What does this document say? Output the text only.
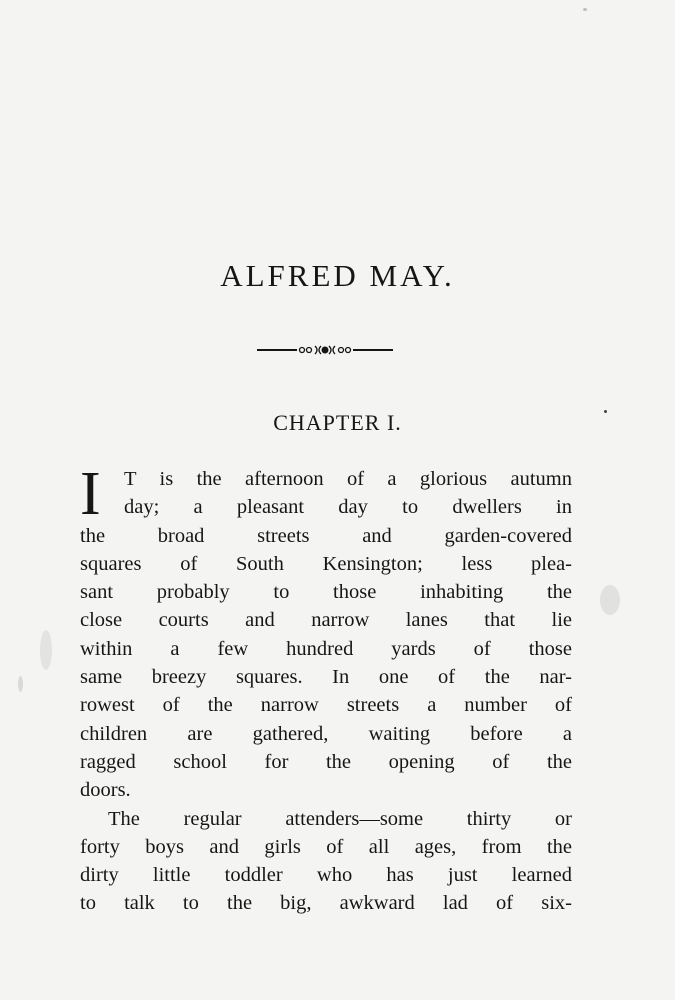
ALFRED MAY.
CHAPTER I.
I T is the afternoon of a glorious autumn
day; a pleasant day to dwellers in
the broad streets and garden-covered
squares of South Kensington; less plea-
sant probably to those inhabiting the
close courts and narrow lanes that lie
within a few hundred yards of those
same breezy squares. In one of the nar-
rowest of the narrow streets a number of
children are gathered, waiting before a
ragged school for the opening of the
doors.
The regular attenders—some thirty or
forty boys and girls of all ages, from the
dirty little toddler who has just learned
to talk to the big, awkward lad of six-
